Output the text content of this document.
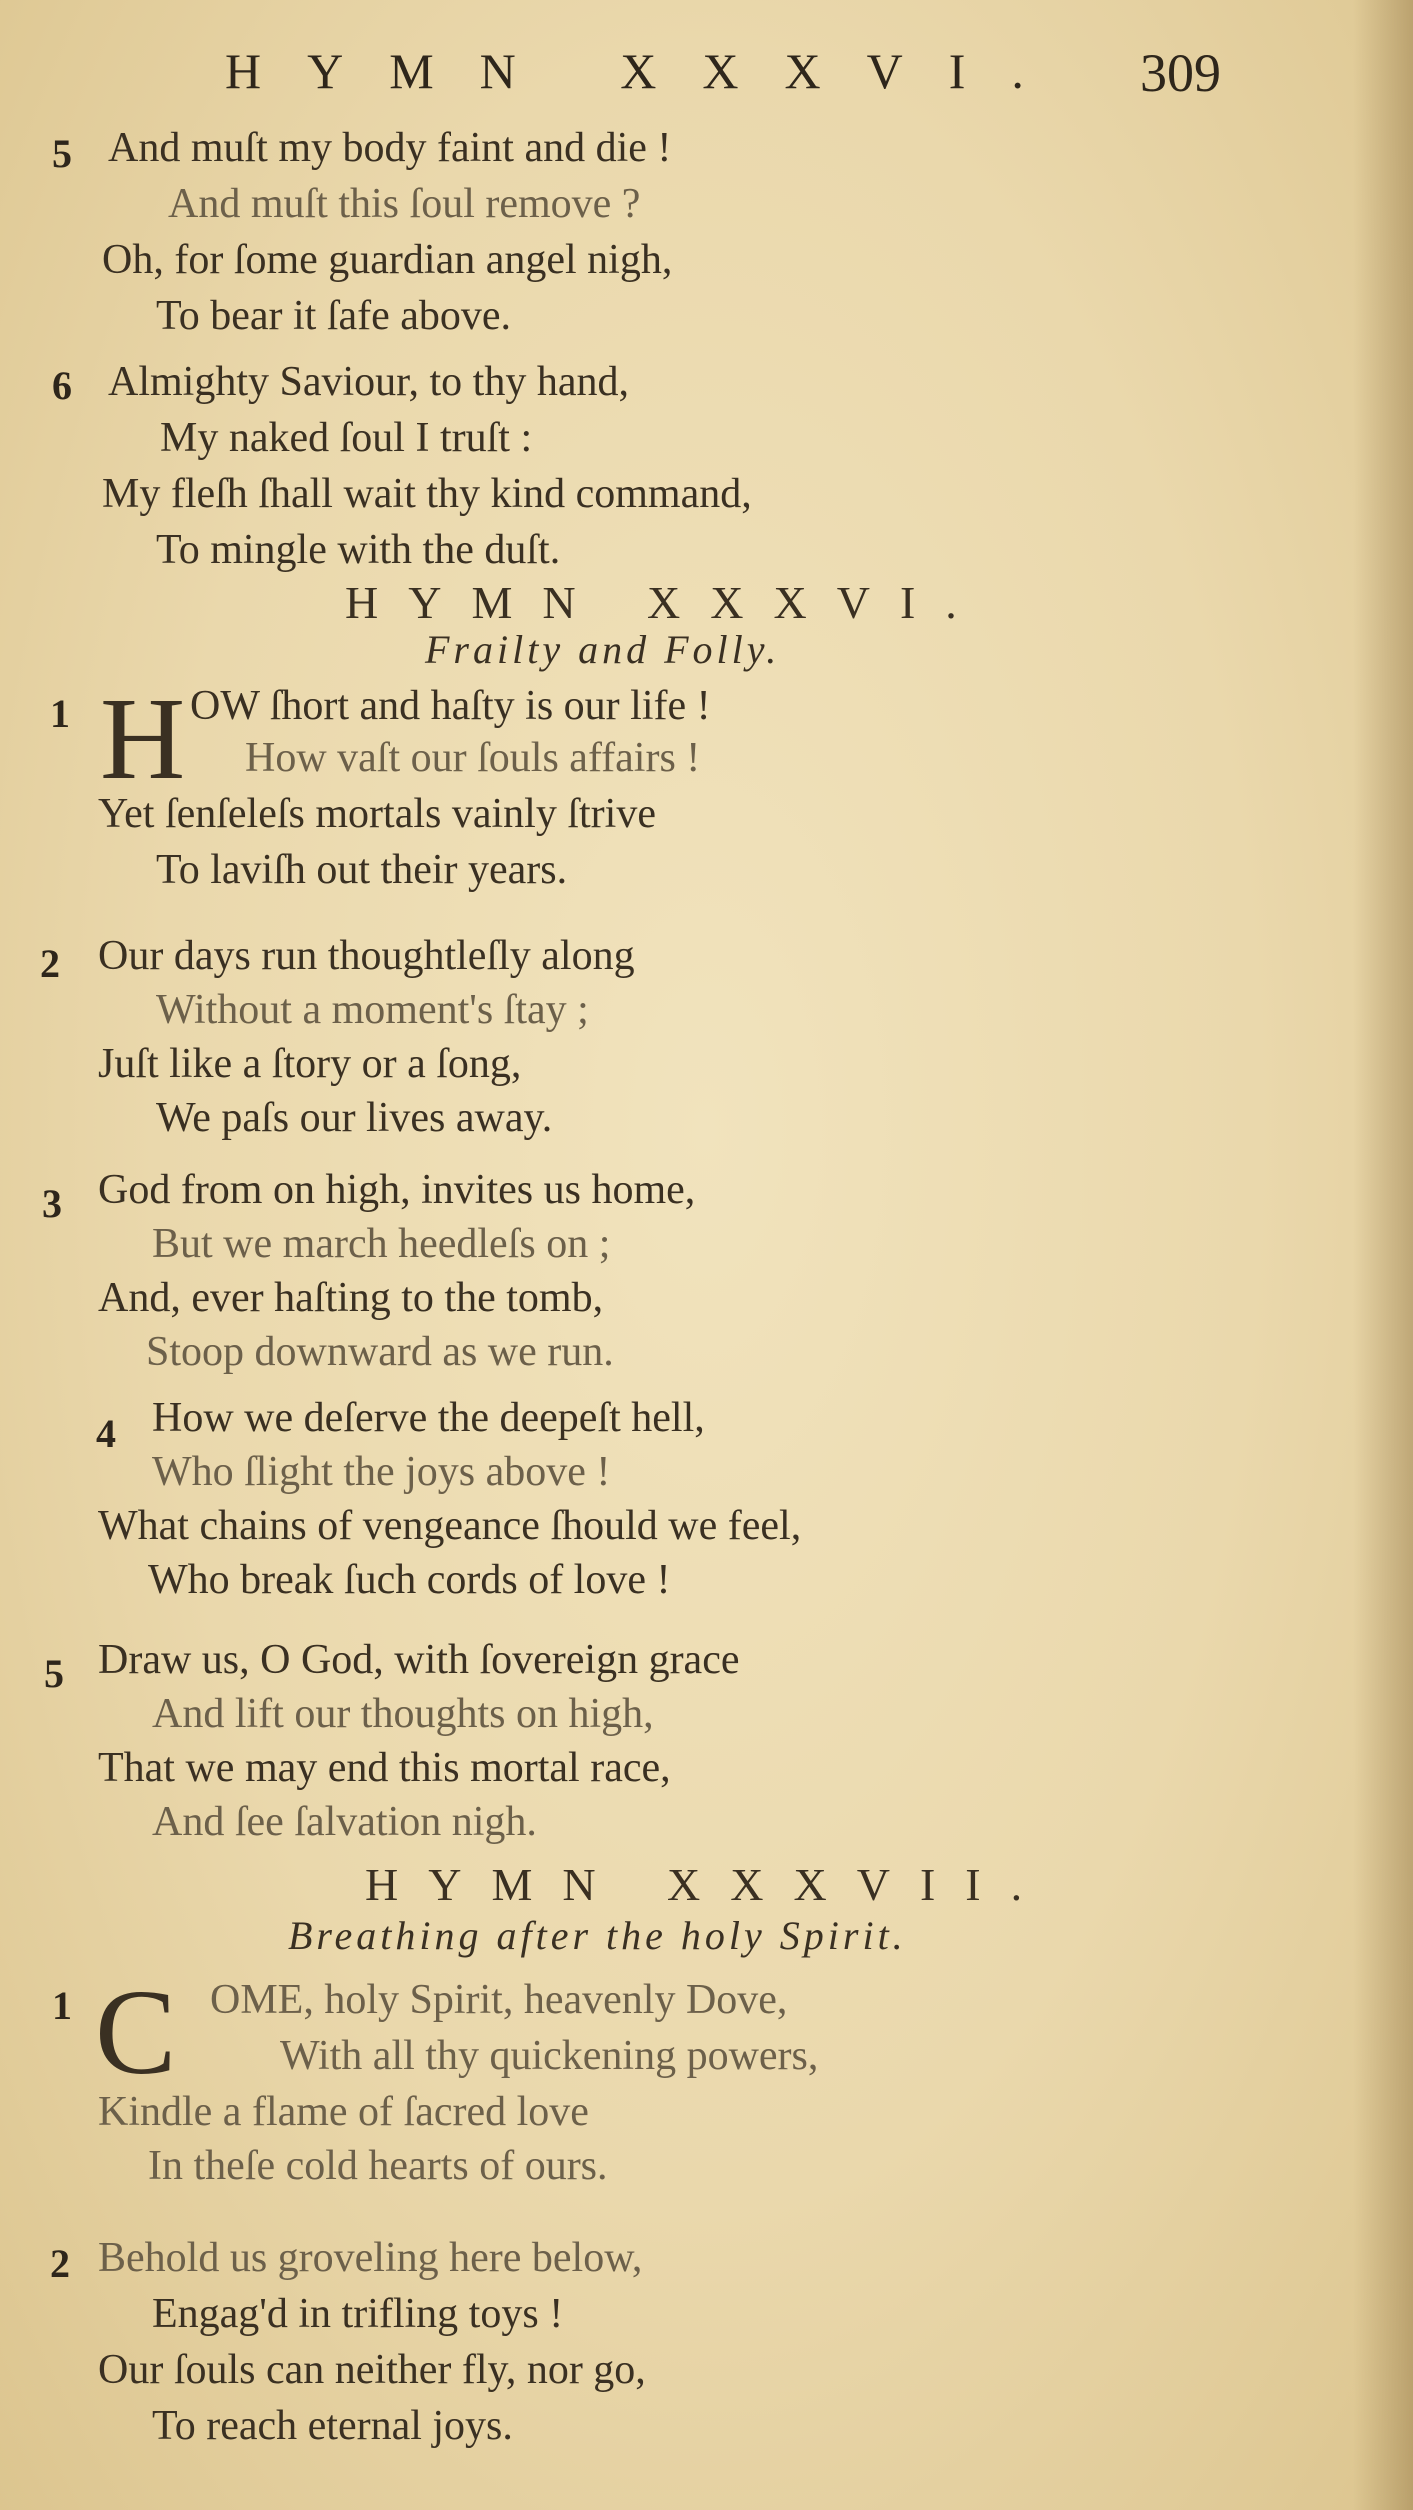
HYMN XXXVI. 309
5 And muſt my body faint and die !
And muſt this ſoul remove ?
Oh, for ſome guardian angel nigh,
To bear it ſafe above.
6 Almighty Saviour, to thy hand,
My naked ſoul I truſt :
My fleſh ſhall wait thy kind command,
To mingle with the duſt.
HYMN XXXVI.
Frailty and Folly.
1 H OW ſhort and haſty is our life !
How vaſt our ſouls affairs !
Yet ſenſeleſs mortals vainly ſtrive
To laviſh out their years.
2 Our days run thoughtleſly along
Without a moment's ſtay ;
Juſt like a ſtory or a ſong,
We paſs our lives away.
3 God from on high, invites us home,
But we march heedleſs on ;
And, ever haſting to the tomb,
Stoop downward as we run.
4 How we deſerve the deepeſt hell,
Who ſlight the joys above !
What chains of vengeance ſhould we feel,
Who break ſuch cords of love !
5 Draw us, O God, with ſovereign grace
And lift our thoughts on high,
That we may end this mortal race,
And ſee ſalvation nigh.
HYMN XXXVII.
Breathing after the holy Spirit.
1 C OME, holy Spirit, heavenly Dove,
With all thy quickening powers,
Kindle a flame of ſacred love
In theſe cold hearts of ours.
2 Behold us groveling here below,
Engag'd in trifling toys !
Our ſouls can neither fly, nor go,
To reach eternal joys.
